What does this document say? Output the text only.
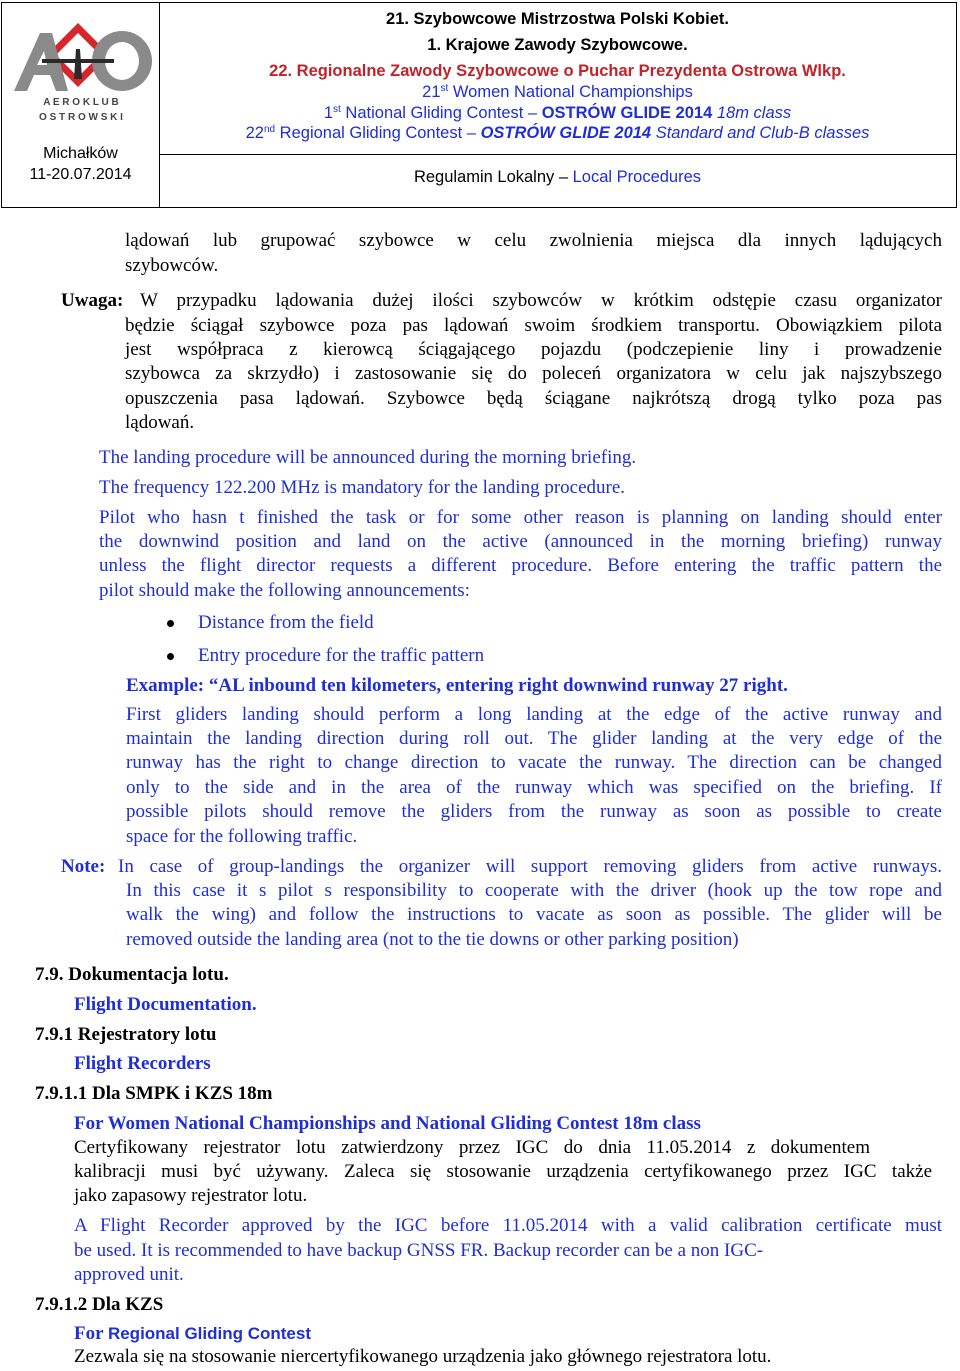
A E R O K L U B
O S T R O W S K I
Michałków
11-20.07.2014
21. Szybowcowe Mistrzostwa Polski Kobiet.
1. Krajowe Zawody Szybowcowe.
22. Regionalne Zawody Szybowcowe o Puchar Prezydenta Ostrowa Wlkp.
21st Women National Championships
1st National Gliding Contest – OSTRÓW GLIDE 2014 18m class
22nd Regional Gliding Contest – OSTRÓW GLIDE 2014 Standard and Club-B classes
Regulamin Lokalny – Local Procedures
lądowań lub grupować szybowce w celu zwolnienia miejsca dla innych lądujących
szybowców.
Uwaga: W przypadku lądowania dużej ilości szybowców w krótkim odstępie czasu organizator
będzie ściągał szybowce poza pas lądowań swoim środkiem transportu. Obowiązkiem pilota
jest współpraca z kierowcą ściągającego pojazdu (podczepienie liny i prowadzenie
szybowca za skrzydło) i zastosowanie się do poleceń organizatora w celu jak najszybszego
opuszczenia pasa lądowań. Szybowce będą ściągane najkrótszą drogą tylko poza pas
lądowań.
The landing procedure will be announced during the morning briefing.
The frequency 122.200 MHz is mandatory for the landing procedure.
Pilot who hasn t finished the task or for some other reason is planning on landing should enter
the downwind position and land on the active (announced in the morning briefing) runway
unless the flight director requests a different procedure. Before entering the traffic pattern the
pilot should make the following announcements:
Distance from the field
Entry procedure for the traffic pattern
Example: “AL inbound ten kilometers, entering right downwind runway 27 right.
First gliders landing should perform a long landing at the edge of the active runway and
maintain the landing direction during roll out. The glider landing at the very edge of the
runway has the right to change direction to vacate the runway. The direction can be changed
only to the side and in the area of the runway which was specified on the briefing. If
possible pilots should remove the gliders from the runway as soon as possible to create
space for the following traffic.
Note: In case of group-landings the organizer will support removing gliders from active runways.
In this case it s pilot s responsibility to cooperate with the driver (hook up the tow rope and
walk the wing) and follow the instructions to vacate as soon as possible. The glider will be
removed outside the landing area (not to the tie downs or other parking position)
7.9. Dokumentacja lotu.
Flight Documentation.
7.9.1 Rejestratory lotu
Flight Recorders
7.9.1.1 Dla SMPK i KZS 18m
For Women National Championships and National Gliding Contest 18m class
Certyfikowany rejestrator lotu zatwierdzony przez IGC do dnia 11.05.2014 z dokumentem
kalibracji musi być używany. Zaleca się stosowanie urządzenia certyfikowanego przez IGC także
jako zapasowy rejestrator lotu.
A Flight Recorder approved by the IGC before 11.05.2014 with a valid calibration certificate must
be used. It is recommended to have backup GNSS FR. Backup recorder can be a non IGC-
approved unit.
7.9.1.2 Dla KZS
For Regional Gliding Contest
Zezwala się na stosowanie niercertyfikowanego urządzenia jako głównego rejestratora lotu.
